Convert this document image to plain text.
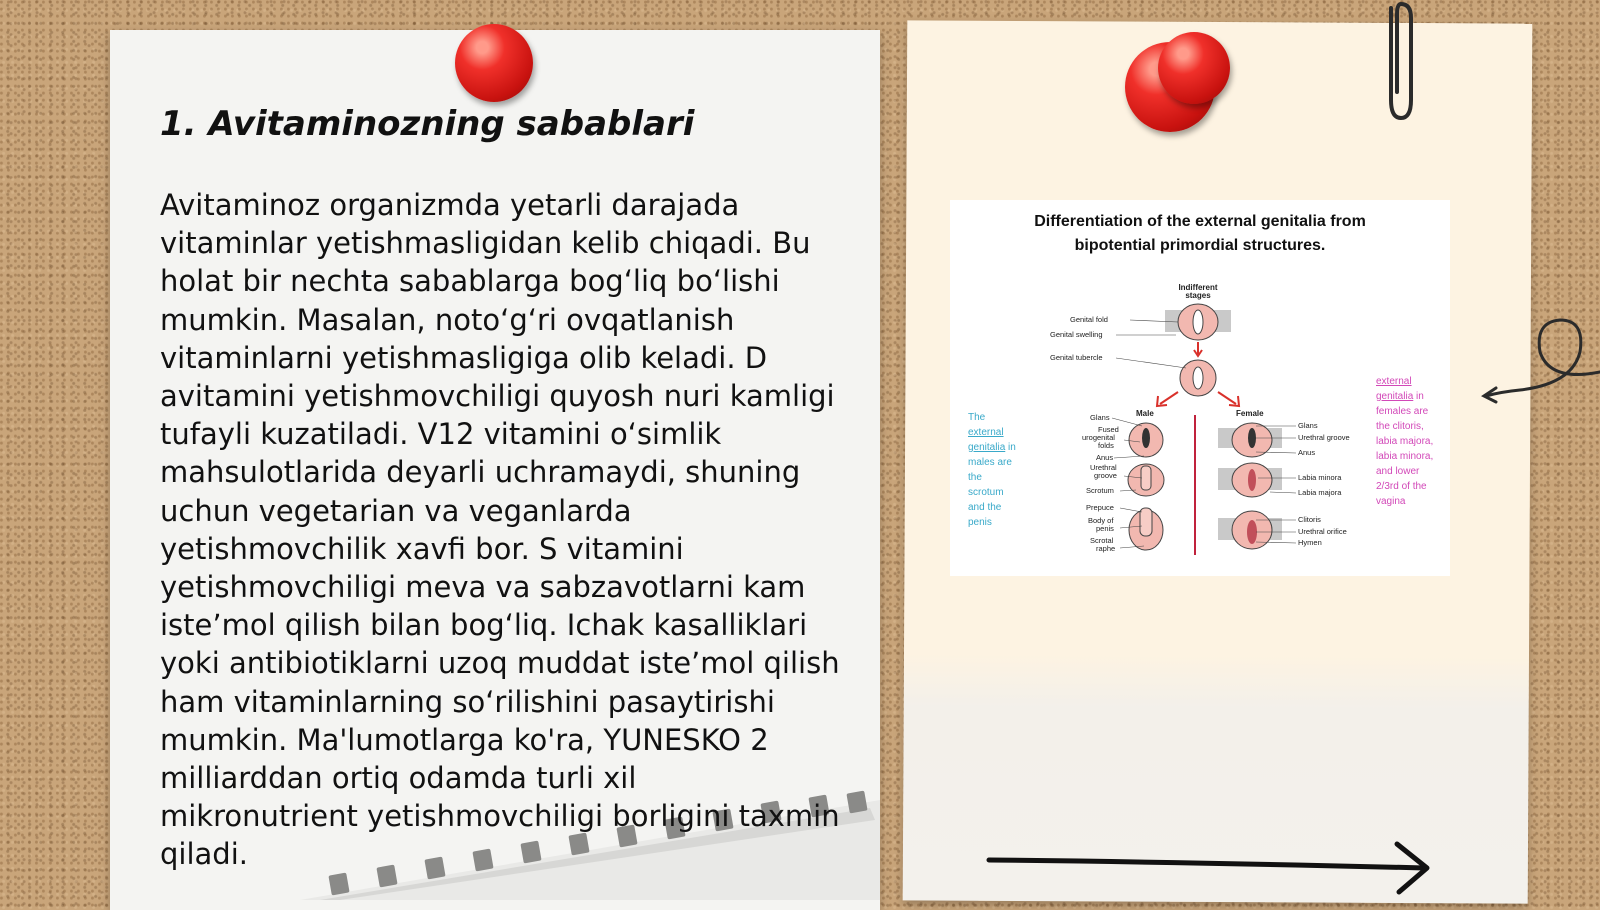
1. Avitaminozning sabablari

Avitaminoz organizmda yetarli darajada vitaminlar yetishmasligidan kelib chiqadi. Bu holat bir nechta sabablarga bog‘liq bo‘lishi mumkin. Masalan, noto‘g‘ri ovqatlanish vitaminlarni yetishmasligiga olib keladi. D avitamini yetishmovchiligi quyosh nuri kamligi tufayli kuzatiladi. V12 vitamini o‘simlik mahsulotlarida deyarli uchramaydi, shuning uchun vegetarian va veganlarda yetishmovchilik xavfi bor. S vitamini yetishmovchiligi meva va sabzavotlarni kam iste’mol qilish bilan bog‘liq. Ichak kasalliklari yoki antibiotiklarni uzoq muddat iste’mol qilish ham vitaminlarning so‘rilishini pasaytirishi mumkin. Ma'lumotlarga ko'ra, YUNESKO 2 milliarddan ortiq odamda turli xil mikronutrient yetishmovchiligi borligini taxmin qiladi.

Differentiation of the external genitalia from
bipotential primordial structures.
The external genitalia in males are the scrotum and the penis
external genitalia in females are the clitoris, labia majora, labia minora, and lower 2/3rd of the vagina
Indifferent
stages
Genital fold
Genital swelling
Genital tubercle
Male	Female
Glans
Fused
urogenital
folds
Anus
Urethral
groove
Scrotum
Prepuce
Body of
penis
Scrotal
raphe
Glans
Urethral groove
Anus
Labia minora
Labia majora
Clitoris
Urethral orifice
Hymen
